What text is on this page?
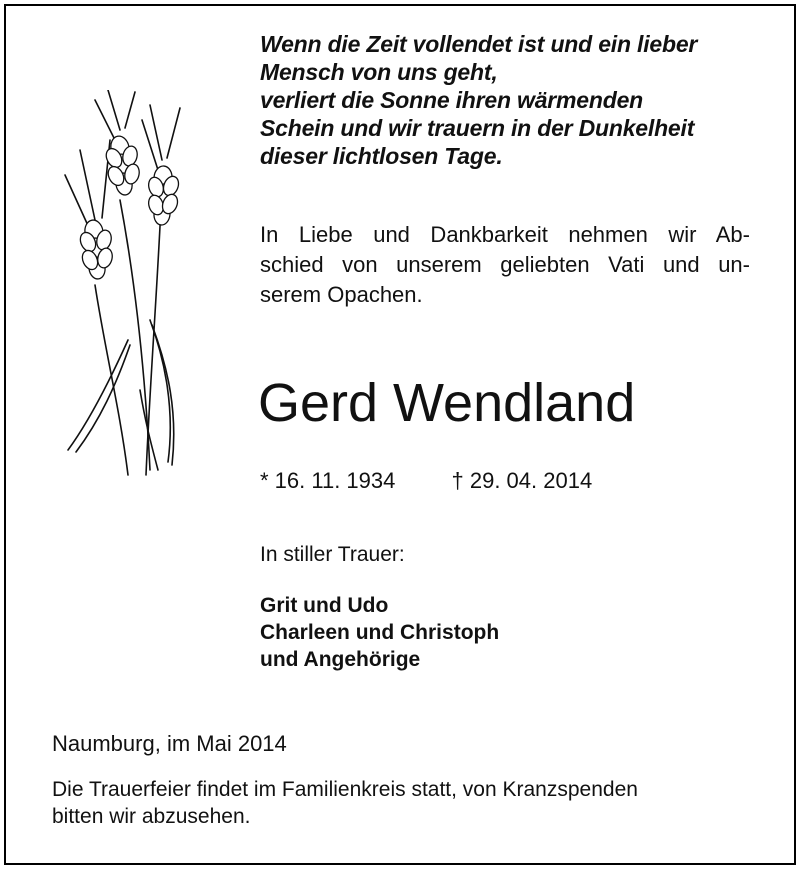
Wenn die Zeit vollendet ist und ein lieber
Mensch von uns geht,
verliert die Sonne ihren wärmenden
Schein und wir trauern in der Dunkelheit
dieser lichtlosen Tage.
In Liebe und Dankbarkeit nehmen wir Ab-
schied von unserem geliebten Vati und un-
serem Opachen.
Gerd Wendland
* 16. 11. 1934	† 29. 04. 2014
In stiller Trauer:
Grit und Udo
Charleen und Christoph
und Angehörige
Naumburg, im Mai 2014
Die Trauerfeier findet im Familienkreis statt, von Kranzspenden
bitten wir abzusehen.
